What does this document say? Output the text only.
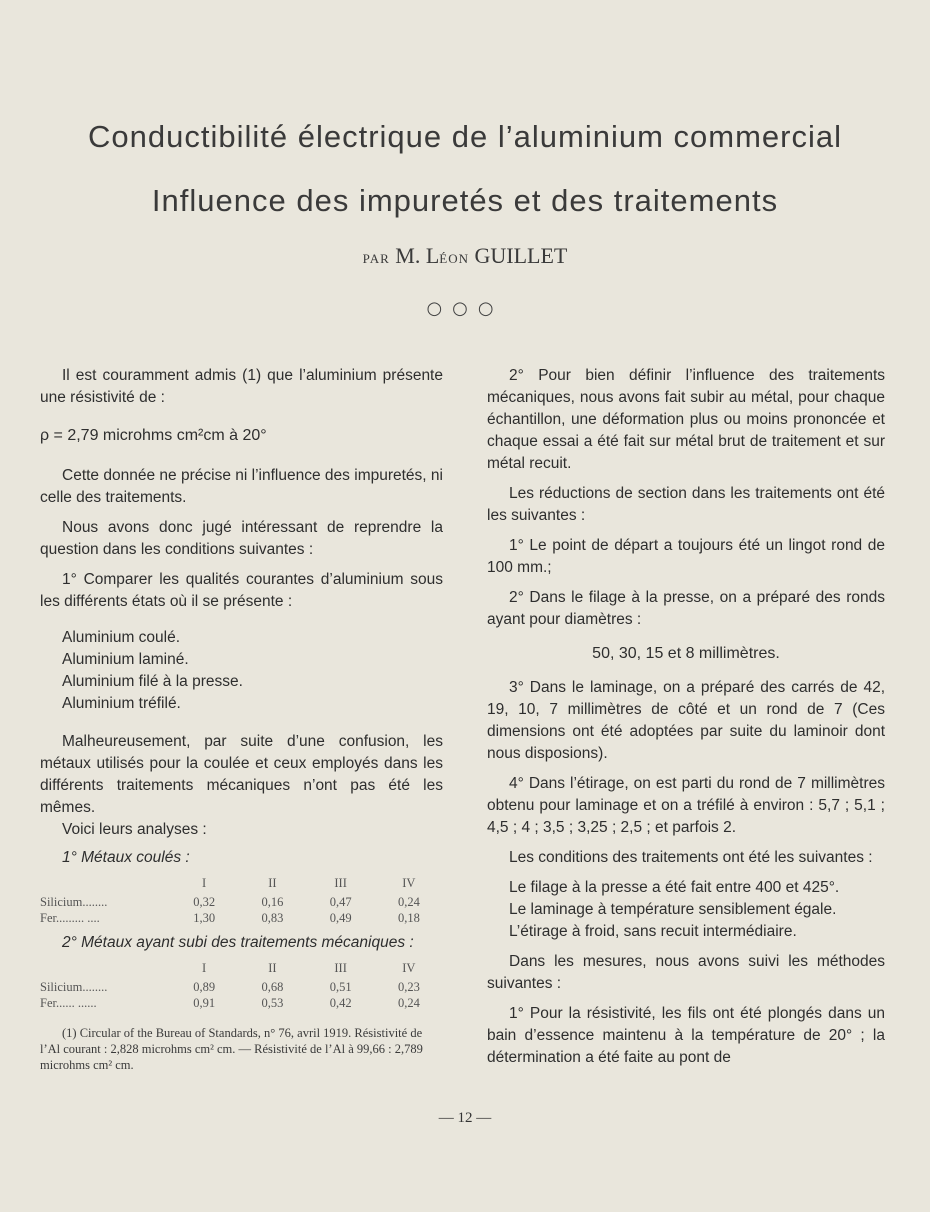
Conductibilité électrique de l’aluminium commercial
Influence des impuretés et des traitements
PAR M. LÉON GUILLET
○○○

Il est couramment admis (1) que l’aluminium présente une résistivité de :

ρ = 2,79 microhms cm²cm à 20°

Cette donnée ne précise ni l’influence des impuretés, ni celle des traitements.

Nous avons donc jugé intéressant de reprendre la question dans les conditions suivantes :

1° Comparer les qualités courantes d’aluminium sous les différents états où il se présente :

Aluminium coulé.
Aluminium laminé.
Aluminium filé à la presse.
Aluminium tréfilé.

Malheureusement, par suite d’une confusion, les métaux utilisés pour la coulée et ceux employés dans les différents traitements mécaniques n’ont pas été les mêmes.

Voici leurs analyses :

1° Métaux coulés :

	I	II	III	IV
Silicium........	0,32	0,16	0,47	0,24
Fer......... ....	1,30	0,83	0,49	0,18

2° Métaux ayant subi des traitements mécaniques :

	I	II	III	IV
Silicium........	0,89	0,68	0,51	0,23
Fer...... ......	0,91	0,53	0,42	0,24

(1) Circular of the Bureau of Standards, n° 76, avril 1919. Résistivité de l’Al courant : 2,828 microhms cm² cm. — Résistivité de l’Al à 99,66 : 2,789 microhms cm² cm.

2° Pour bien définir l’influence des traitements mécaniques, nous avons fait subir au métal, pour chaque échantillon, une déformation plus ou moins prononcée et chaque essai a été fait sur métal brut de traitement et sur métal recuit.

Les réductions de section dans les traitements ont été les suivantes :

1° Le point de départ a toujours été un lingot rond de 100 mm.;

2° Dans le filage à la presse, on a préparé des ronds ayant pour diamètres :

50, 30, 15 et 8 millimètres.

3° Dans le laminage, on a préparé des carrés de 42, 19, 10, 7 millimètres de côté et un rond de 7 (Ces dimensions ont été adoptées par suite du laminoir dont nous disposions).

4° Dans l’étirage, on est parti du rond de 7 millimètres obtenu pour laminage et on a tréfilé à environ : 5,7 ; 5,1 ; 4,5 ; 4 ; 3,5 ; 3,25 ; 2,5 ; et parfois 2.

Les conditions des traitements ont été les suivantes :

Le filage à la presse a été fait entre 400 et 425°.

Le laminage à température sensiblement égale.

L’étirage à froid, sans recuit intermédiaire.

Dans les mesures, nous avons suivi les méthodes suivantes :

1° Pour la résistivité, les fils ont été plongés dans un bain d’essence maintenu à la température de 20° ; la détermination a été faite au pont de

— 12 —
